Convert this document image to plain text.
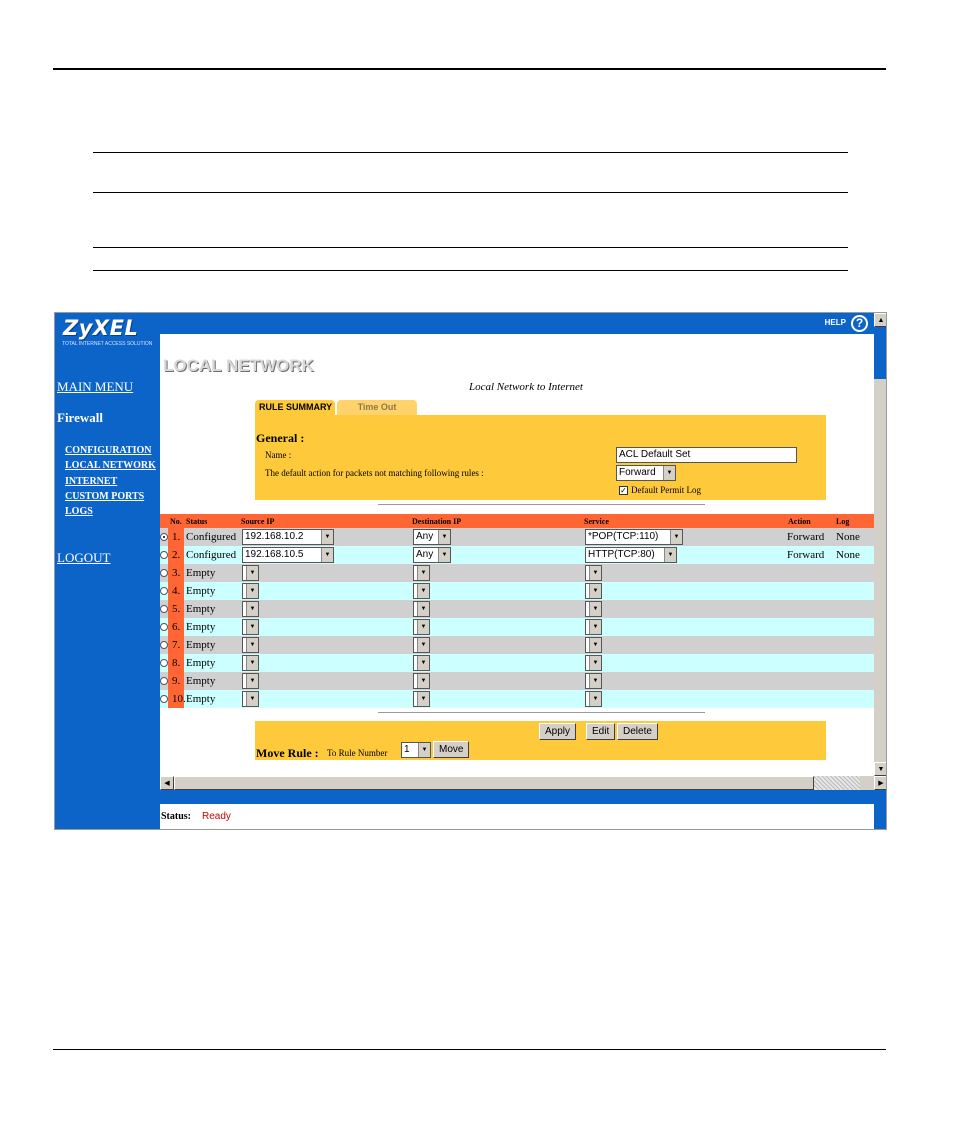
ZyXEL
TOTAL INTERNET ACCESS SOLUTION
MAIN MENU
Firewall
CONFIGURATION
LOCAL NETWORK
INTERNET
CUSTOM PORTS
LOGS
LOGOUT
HELP ?
LOCAL NETWORK
Local Network to Internet
RULE SUMMARY	Time Out
General :
Name :	ACL Default Set
The default action for packets not matching following rules :	Forward	▼
✓ Default Permit Log
No. Status	Source IP	Destination IP	Service	Action	Log
1. Configured 192.168.10.2	▼	Any	▼	*POP(TCP:110)	▼	Forward None
2. Configured 192.168.10.5	▼	Any	▼	HTTP(TCP:80)	▼	Forward None
3. Empty	▼	▼	▼
4. Empty	▼	▼	▼
5. Empty	▼	▼	▼
6. Empty	▼	▼	▼
7. Empty	▼	▼	▼
8. Empty	▼	▼	▼
9. Empty	▼	▼	▼
10. Empty	▼	▼	▼
Apply	Edit	Delete
Move Rule : To Rule Number	1	▼	Move
▲
▼
◀	▶
Status: Ready
